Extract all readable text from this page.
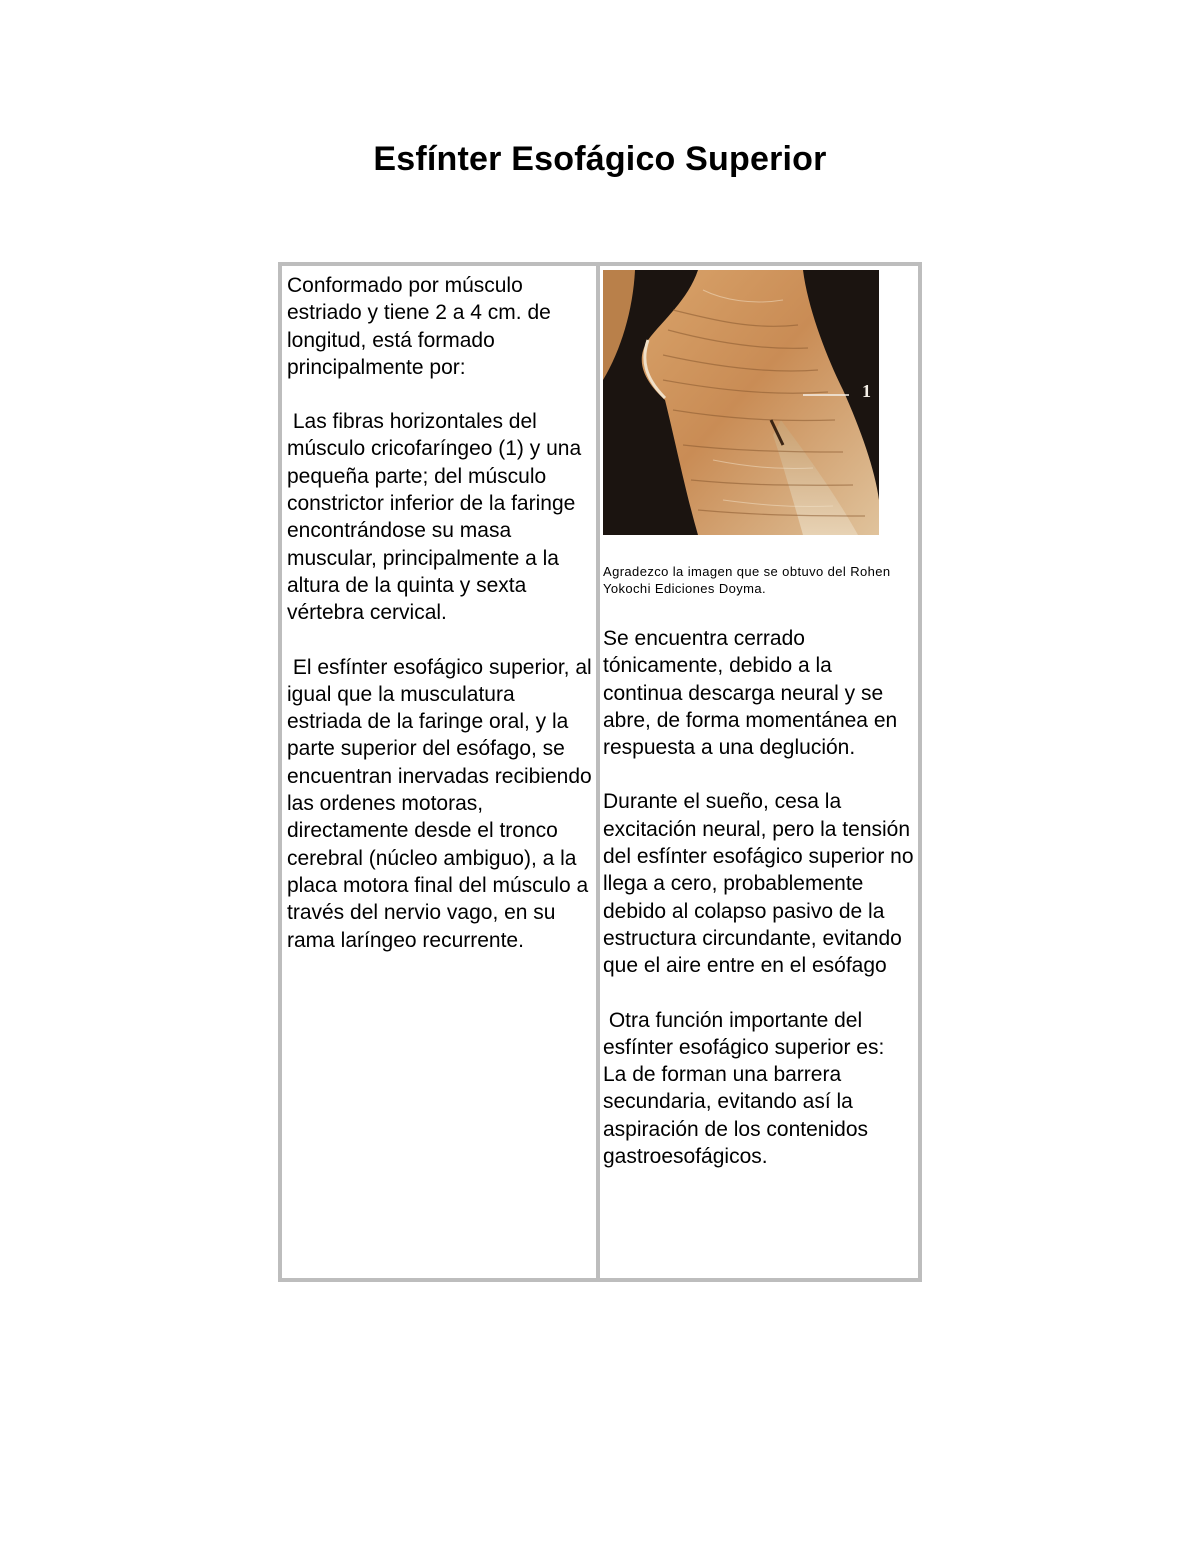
Esfínter Esofágico Superior

Conformado por músculo estriado y tiene 2 a 4 cm. de longitud, está formado principalmente por:

Las fibras horizontales del músculo cricofaríngeo (1) y una pequeña parte; del músculo constrictor inferior de la faringe encontrándose su masa muscular, principalmente a la altura de la quinta y sexta vértebra cervical.

El esfínter esofágico superior, al igual que la musculatura estriada de la faringe oral, y la parte superior del esófago, se encuentran inervadas recibiendo las ordenes motoras, directamente desde el tronco cerebral (núcleo ambiguo), a la placa motora final del músculo a través del nervio vago, en su rama laríngeo recurrente.

1

Agradezco la imagen que se obtuvo del Rohen Yokochi Ediciones Doyma.

Se encuentra cerrado tónicamente, debido a la continua descarga neural y se abre, de forma momentánea en respuesta a una deglución.

Durante el sueño, cesa la excitación neural, pero la tensión del esfínter esofágico superior no llega a cero, probablemente debido al colapso pasivo de la estructura circundante, evitando que el aire entre en el esófago

Otra función importante del esfínter esofágico superior es:
La de forman una barrera secundaria, evitando así la aspiración de los contenidos gastroesofágicos.
